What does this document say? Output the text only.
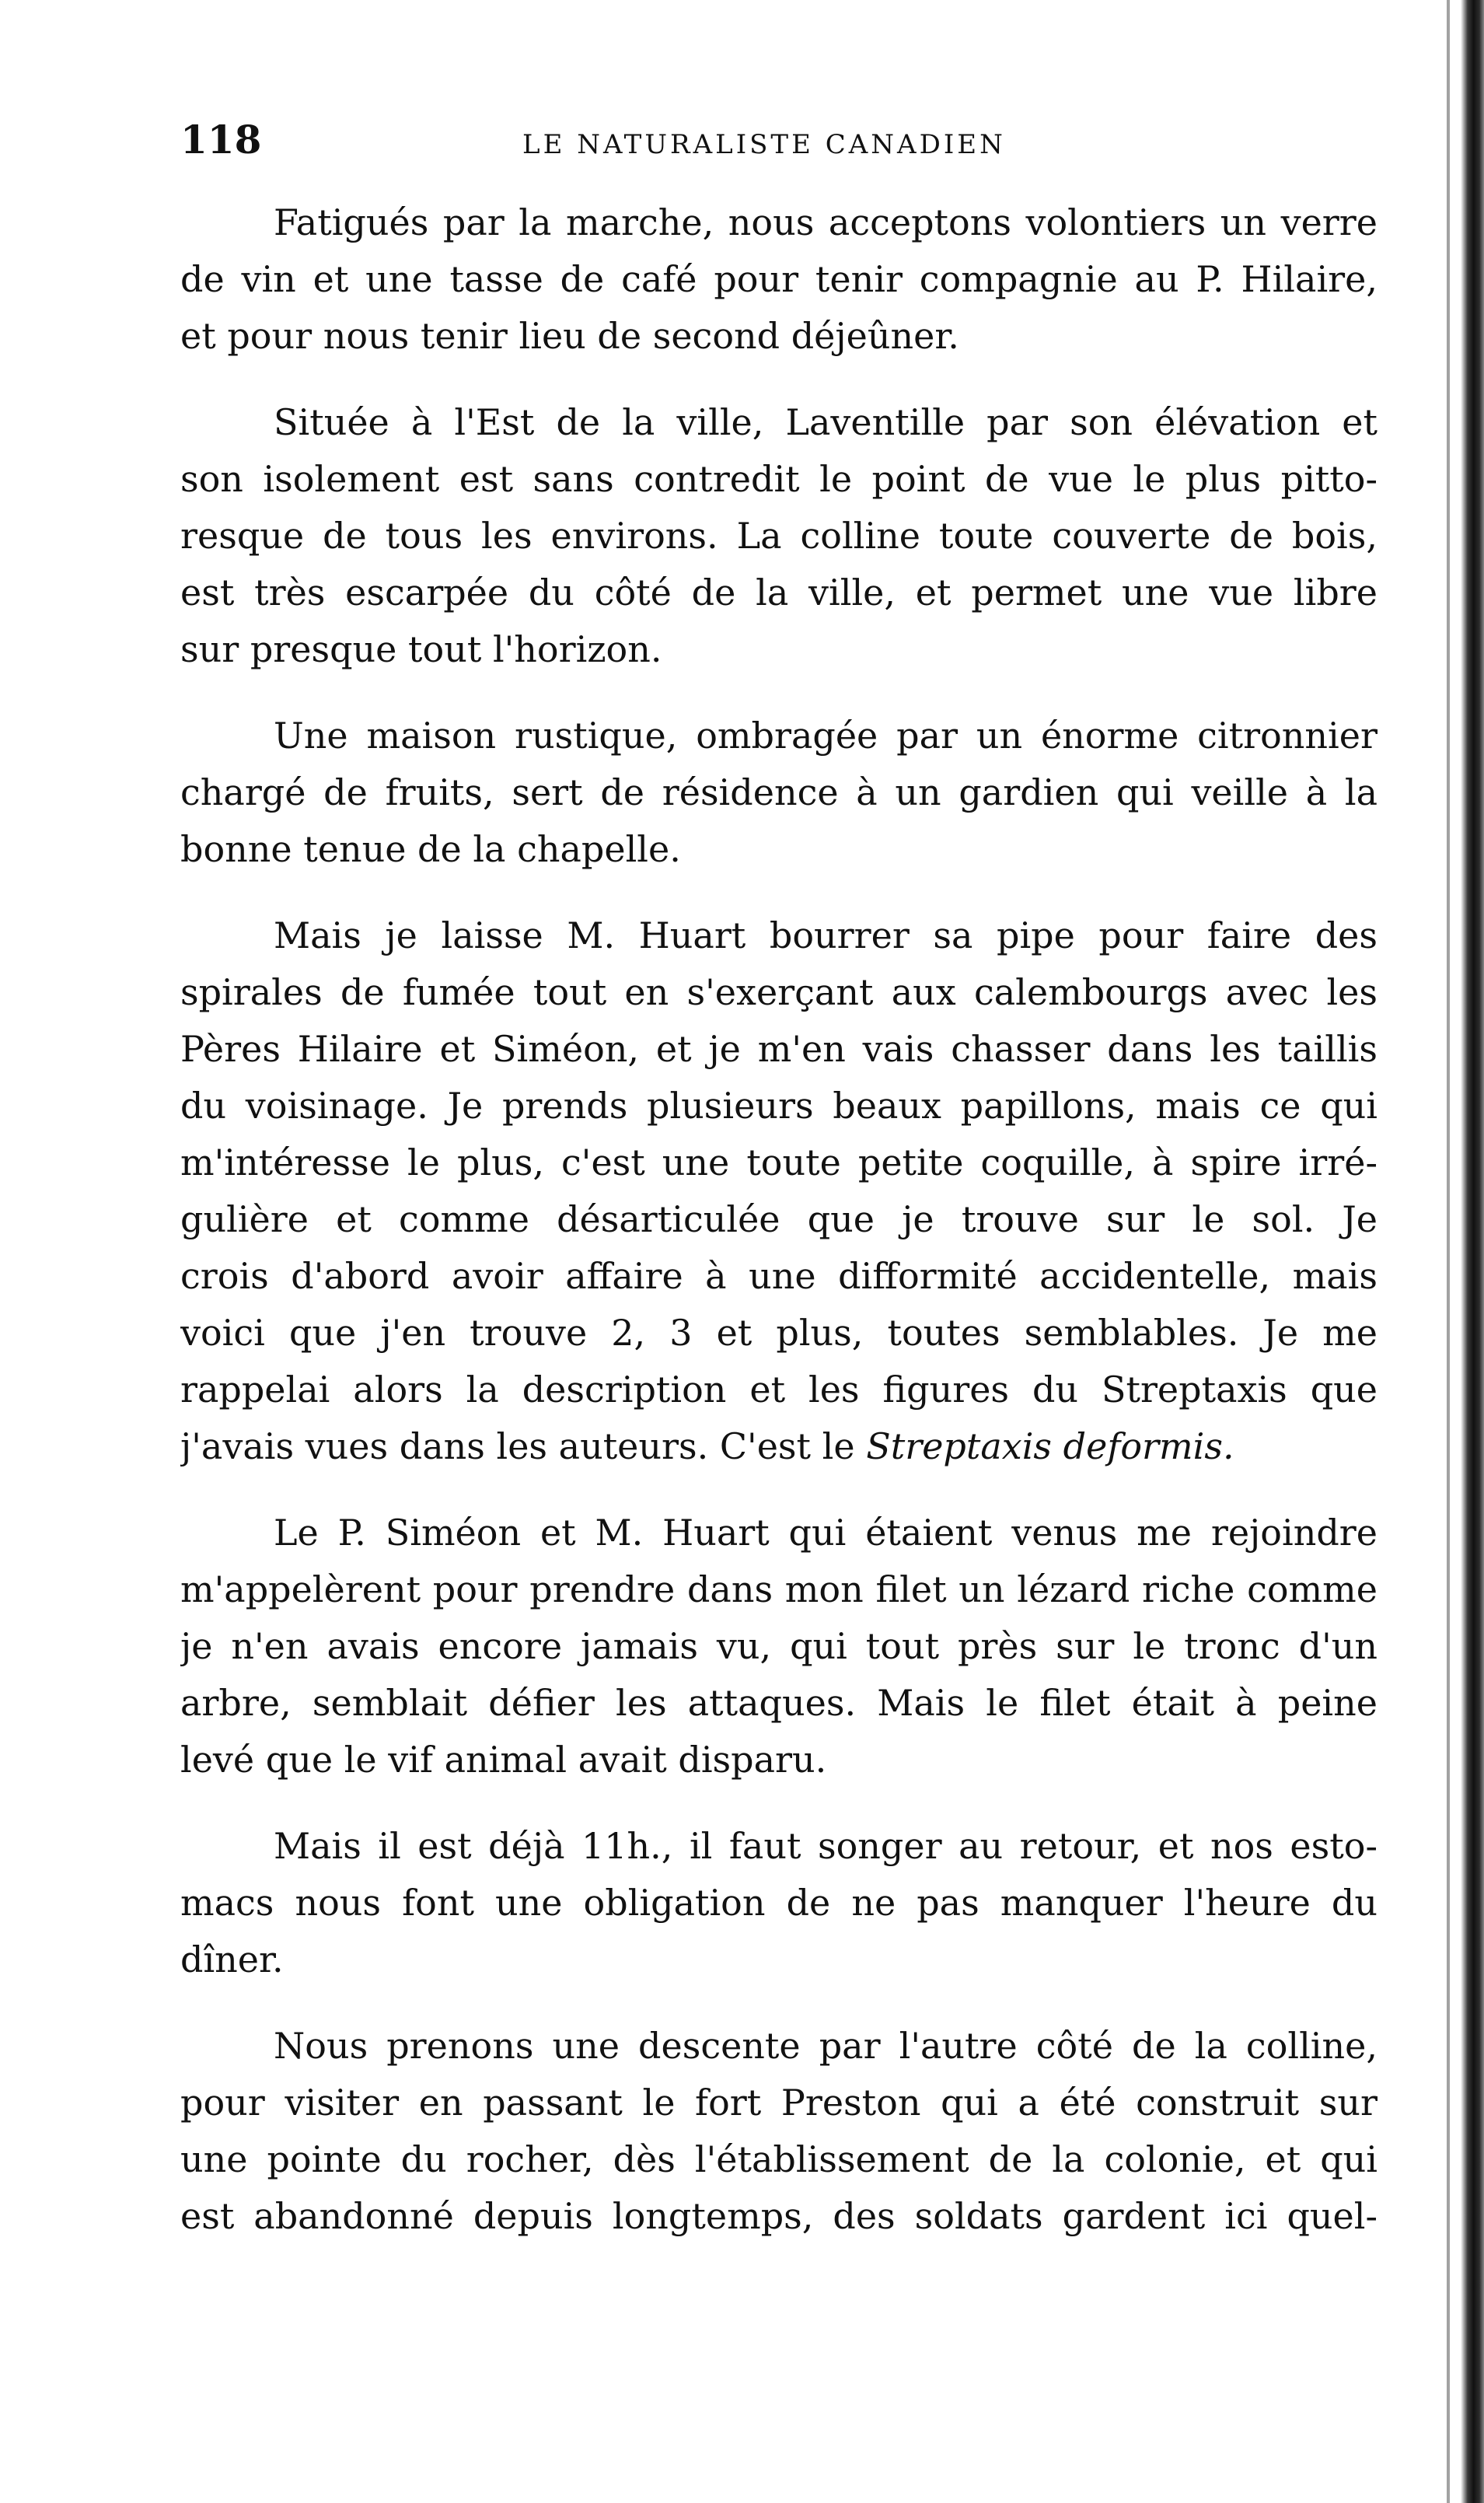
118	LE NATURALISTE CANADIEN

Fatigués par la marche, nous acceptons volontiers un verre
de vin et une tasse de café pour tenir compagnie au P. Hilaire,
et pour nous tenir lieu de second déjeûner.

Située à l'Est de la ville, Laventille par son élévation et
son isolement est sans contredit le point de vue le plus pitto-
resque de tous les environs. La colline toute couverte de bois,
est très escarpée du côté de la ville, et permet une vue libre
sur presque tout l'horizon.

Une maison rustique, ombragée par un énorme citronnier
chargé de fruits, sert de résidence à un gardien qui veille à la
bonne tenue de la chapelle.

Mais je laisse M. Huart bourrer sa pipe pour faire des
spirales de fumée tout en s'exerçant aux calembourgs avec les
Pères Hilaire et Siméon, et je m'en vais chasser dans les taillis
du voisinage. Je prends plusieurs beaux papillons, mais ce qui
m'intéresse le plus, c'est une toute petite coquille, à spire irré-
gulière et comme désarticulée que je trouve sur le sol. Je
crois d'abord avoir affaire à une difformité accidentelle, mais
voici que j'en trouve 2, 3 et plus, toutes semblables. Je me
rappelai alors la description et les figures du Streptaxis que
j'avais vues dans les auteurs. C'est le Streptaxis deformis.

Le P. Siméon et M. Huart qui étaient venus me rejoindre
m'appelèrent pour prendre dans mon filet un lézard riche comme
je n'en avais encore jamais vu, qui tout près sur le tronc d'un
arbre, semblait défier les attaques. Mais le filet était à peine
levé que le vif animal avait disparu.

Mais il est déjà 11h., il faut songer au retour, et nos esto-
macs nous font une obligation de ne pas manquer l'heure du
dîner.

Nous prenons une descente par l'autre côté de la colline,
pour visiter en passant le fort Preston qui a été construit sur
une pointe du rocher, dès l'établissement de la colonie, et qui
est abandonné depuis longtemps, des soldats gardent ici quel-
